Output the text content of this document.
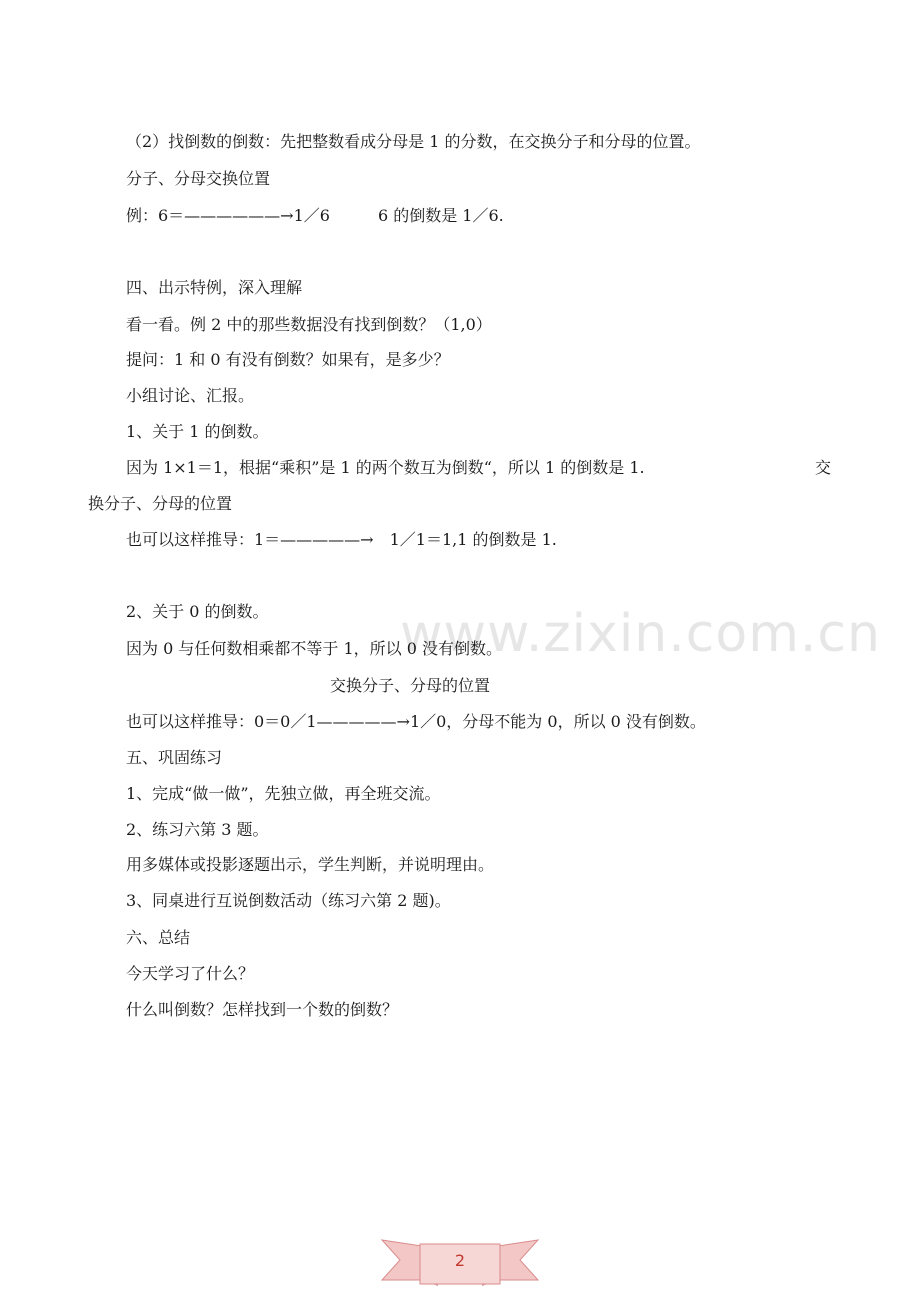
www.zixin.com.cn
（2）找倒数的倒数：先把整数看成分母是 1 的分数，在交换分子和分母的位置。
分子、分母交换位置
例：6＝——————→1／6　　　6 的倒数是 1／6.
四、出示特例，深入理解
看一看。例 2 中的那些数据没有找到倒数？（1,0）
提问：1 和 0 有没有倒数？如果有，是多少？
小组讨论、汇报。
1、关于 1 的倒数。
因为 1×1＝1，根据“乘积”是 1 的两个数互为倒数“，所以 1 的倒数是 1.	交
换分子、分母的位置
也可以这样推导：1＝—————→　1／1＝1,1 的倒数是 1.
2、关于 0 的倒数。
因为 0 与任何数相乘都不等于 1，所以 0 没有倒数。
交换分子、分母的位置
也可以这样推导：0＝0／1—————→1／0，分母不能为 0，所以 0 没有倒数。
五、巩固练习
1、完成“做一做”，先独立做，再全班交流。
2、练习六第 3 题。
用多媒体或投影逐题出示，学生判断，并说明理由。
3、同桌进行互说倒数活动（练习六第 2 题)。
六、总结
今天学习了什么？
什么叫倒数？怎样找到一个数的倒数？
2
